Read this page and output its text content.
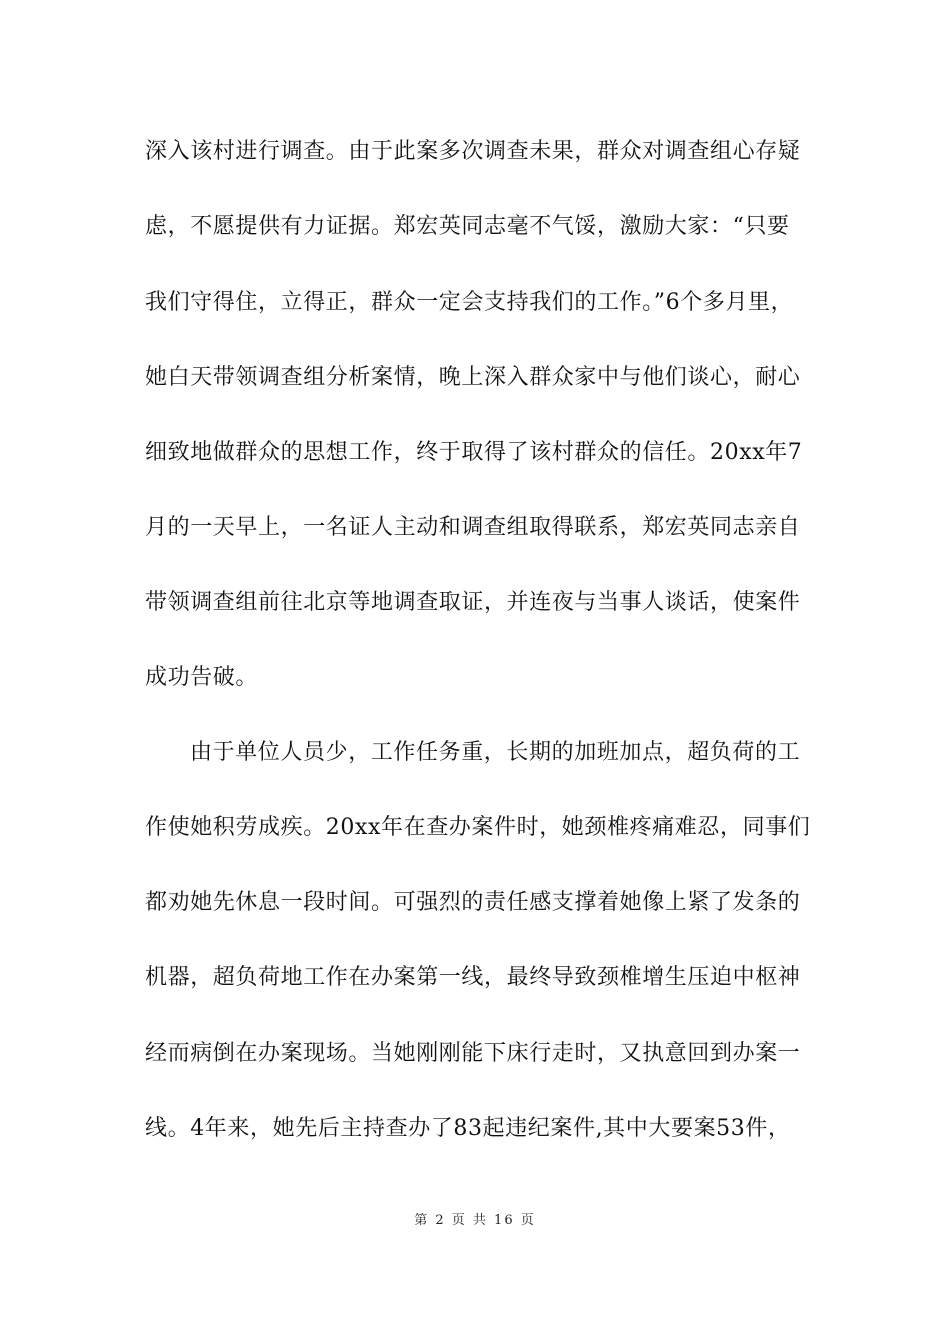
深入该村进行调查。由于此案多次调查未果，群众对调查组心存疑
虑，不愿提供有力证据。郑宏英同志毫不气馁，激励大家：“只要
我们守得住，立得正，群众一定会支持我们的工作。”6个多月里，
她白天带领调查组分析案情，晚上深入群众家中与他们谈心，耐心
细致地做群众的思想工作，终于取得了该村群众的信任。20xx年7
月的一天早上，一名证人主动和调查组取得联系，郑宏英同志亲自
带领调查组前往北京等地调查取证，并连夜与当事人谈话，使案件
成功告破。
由于单位人员少，工作任务重，长期的加班加点，超负荷的工
作使她积劳成疾。20xx年在查办案件时，她颈椎疼痛难忍，同事们
都劝她先休息一段时间。可强烈的责任感支撑着她像上紧了发条的
机器，超负荷地工作在办案第一线，最终导致颈椎增生压迫中枢神
经而病倒在办案现场。当她刚刚能下床行走时，又执意回到办案一
线。4年来，她先后主持查办了83起违纪案件,其中大要案53件，
第 2 页 共 16 页
